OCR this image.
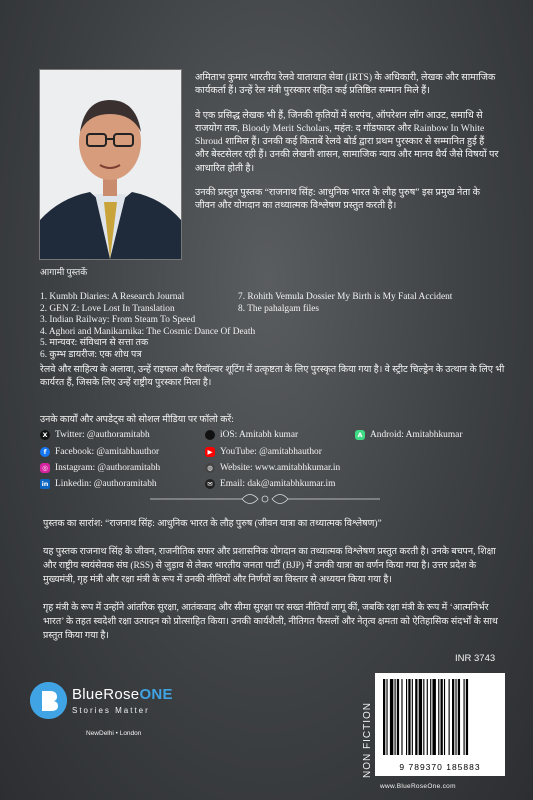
अमिताभ कुमार भारतीय रेलवे यातायात सेवा (IRTS) के अधिकारी, लेखक और सामाजिक कार्यकर्ता हैं। उन्हें रेल मंत्री पुरस्कार सहित कई प्रतिष्ठित सम्मान मिले हैं।

वे एक प्रसिद्ध लेखक भी हैं, जिनकी कृतियों में सरपंच, ऑपरेशन लॉग आउट, समाधि से राजयोग तक, Bloody Merit Scholars, महंत: द गॉडफादर और Rainbow In White Shroud शामिल हैं। उनकी कई किताबें रेलवे बोर्ड द्वारा प्रथम पुरस्कार से सम्मानित हुई हैं और बेस्टसेलर रही हैं। उनकी लेखनी शासन, सामाजिक न्याय और मानव धैर्य जैसे विषयों पर आधारित होती है।

उनकी प्रस्तुत पुस्तक “राजनाथ सिंह: आधुनिक भारत के लौह पुरुष” इस प्रमुख नेता के जीवन और योगदान का तथ्यात्मक विश्लेषण प्रस्तुत करती है।

आगामी पुस्तकें
1. Kumbh Diaries: A Research Journal
2. GEN Z: Love Lost In Translation
3. Indian Railway: From Steam To Speed
4. Aghori and Manikarnika: The Cosmic Dance Of Death
5. मान्यवर: संविधान से सत्ता तक
6. कुम्भ डायरीज: एक शोध पत्र
7. Rohith Vemula Dossier My Birth is My Fatal Accident
8. The pahalgam files
रेलवे और साहित्य के अलावा, उन्हें राइफल और रिवॉल्वर शूटिंग में उत्कृष्टता के लिए पुरस्कृत किया गया है। वे स्ट्रीट चिल्ड्रेन के उत्थान के लिए भी कार्यरत हैं, जिसके लिए उन्हें राष्ट्रीय पुरस्कार मिला है।
उनके कार्यों और अपडेट्स को सोशल मीडिया पर फॉलो करें:
X Twitter: @authoramitabh	iOS: Amitabh kumar	A Android: Amitabhkumar
f Facebook: @amitabhauthor	▶ YouTube: @amitabhauthor
◎ Instagram: @authoramitabh	◍ Website: www.amitabhkumar.in
in Linkedin: @authoramitabh	✉ Email: dak@amitabhkumar.im
पुस्तक का सारांश: “राजनाथ सिंह: आधुनिक भारत के लौह पुरुष (जीवन यात्रा का तथ्यात्मक विश्लेषण)”
यह पुस्तक राजनाथ सिंह के जीवन, राजनीतिक सफर और प्रशासनिक योगदान का तथ्यात्मक विश्लेषण प्रस्तुत करती है। उनके बचपन, शिक्षा और राष्ट्रीय स्वयंसेवक संघ (RSS) से जुड़ाव से लेकर भारतीय जनता पार्टी (BJP) में उनकी यात्रा का वर्णन किया गया है। उत्तर प्रदेश के मुख्यमंत्री, गृह मंत्री और रक्षा मंत्री के रूप में उनकी नीतियों और निर्णयों का विस्तार से अध्ययन किया गया है।
गृह मंत्री के रूप में उन्होंने आंतरिक सुरक्षा, आतंकवाद और सीमा सुरक्षा पर सख्त नीतियाँ लागू कीं, जबकि रक्षा मंत्री के रूप में ‘आत्मनिर्भर भारत’ के तहत स्वदेशी रक्षा उत्पादन को प्रोत्साहित किया। उनकी कार्यशैली, नीतिगत फैसलों और नेतृत्व क्षमता को ऐतिहासिक संदर्भों के साथ प्रस्तुत किया गया है।
INR 3743
NON FICTION	9 789370 185883
www.BlueRoseOne.com
BlueRoseONE
Stories Matter
NewDelhi • London
